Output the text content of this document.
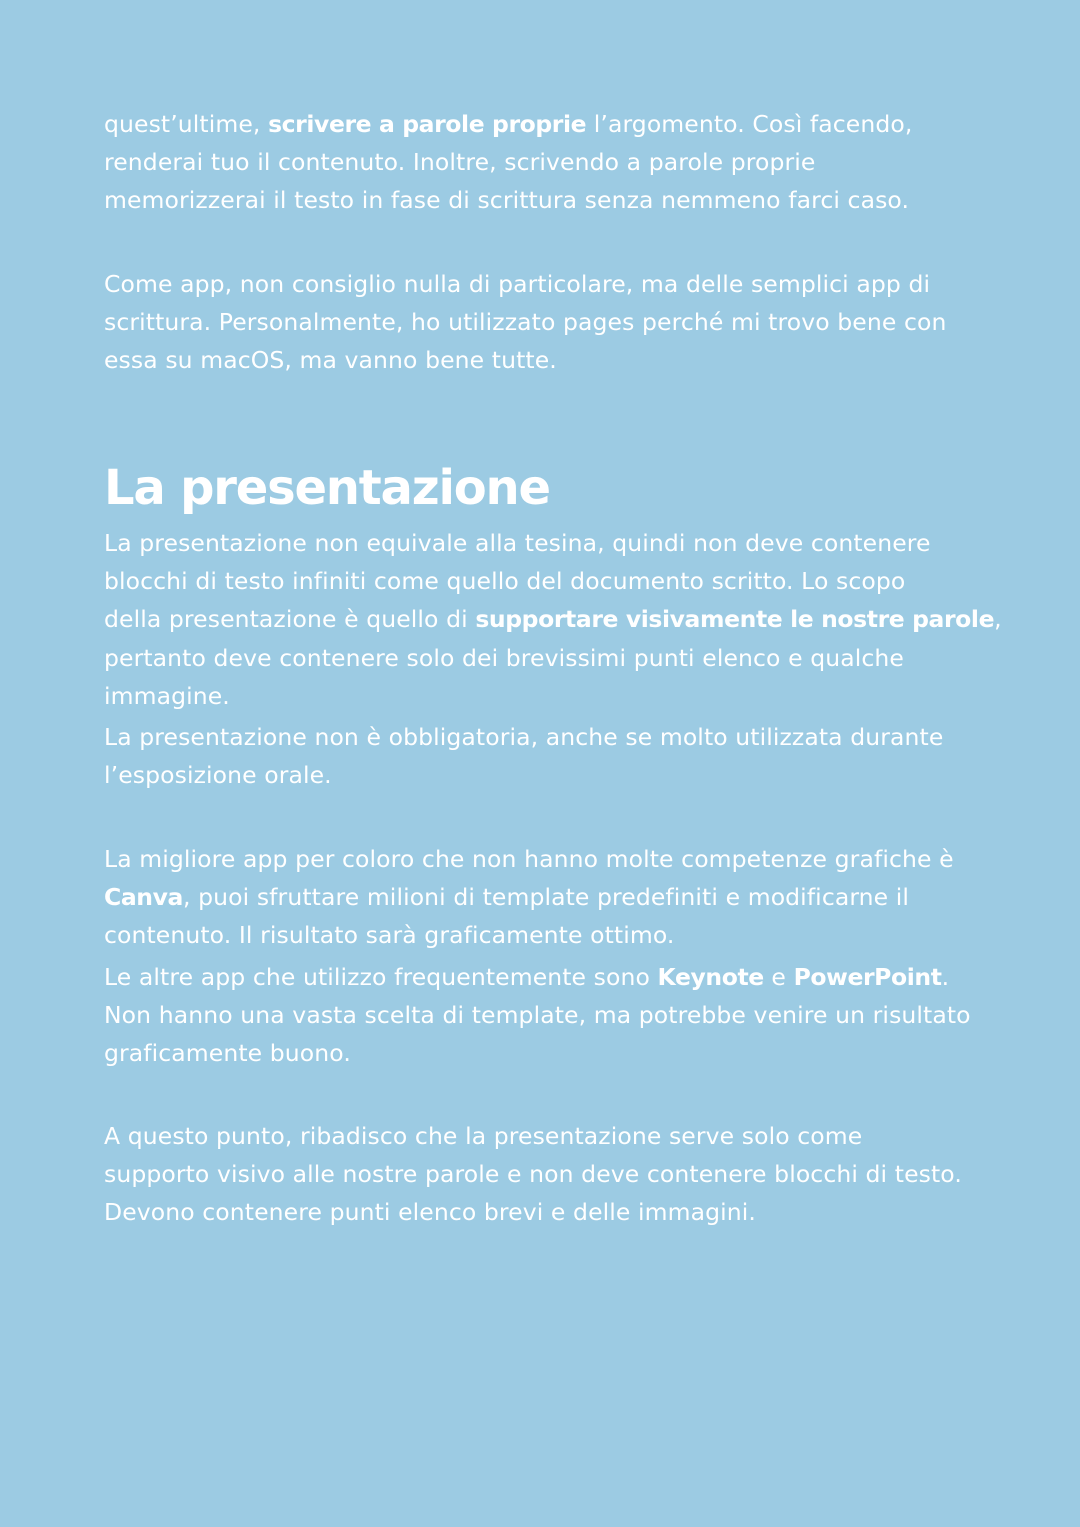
quest’ultime, scrivere a parole proprie l’argomento. Così facendo,
renderai tuo il contenuto. Inoltre, scrivendo a parole proprie
memorizzerai il testo in fase di scrittura senza nemmeno farci caso.

Come app, non consiglio nulla di particolare, ma delle semplici app di
scrittura. Personalmente, ho utilizzato pages perché mi trovo bene con
essa su macOS, ma vanno bene tutte.

La presentazione

La presentazione non equivale alla tesina, quindi non deve contenere
blocchi di testo infiniti come quello del documento scritto. Lo scopo
della presentazione è quello di supportare visivamente le nostre parole,
pertanto deve contenere solo dei brevissimi punti elenco e qualche
immagine.

La presentazione non è obbligatoria, anche se molto utilizzata durante
l’esposizione orale.

La migliore app per coloro che non hanno molte competenze grafiche è
Canva, puoi sfruttare milioni di template predefiniti e modificarne il
contenuto. Il risultato sarà graficamente ottimo.

Le altre app che utilizzo frequentemente sono Keynote e PowerPoint.
Non hanno una vasta scelta di template, ma potrebbe venire un risultato
graficamente buono.

A questo punto, ribadisco che la presentazione serve solo come
supporto visivo alle nostre parole e non deve contenere blocchi di testo.
Devono contenere punti elenco brevi e delle immagini.
